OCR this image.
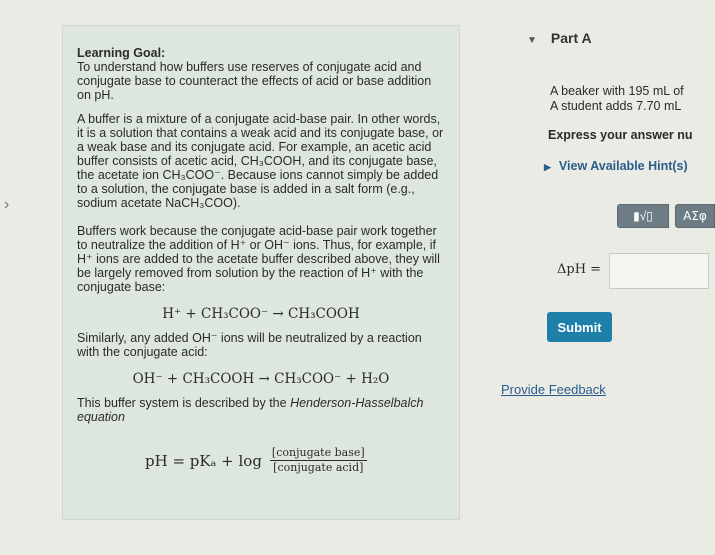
›
Learning Goal:
To understand how buffers use reserves of conjugate acid and conjugate base to counteract the effects of acid or base addition on pH.
A buffer is a mixture of a conjugate acid-base pair. In other words, it is a solution that contains a weak acid and its conjugate base, or a weak base and its conjugate acid. For example, an acetic acid buffer consists of acetic acid, CH₃COOH, and its conjugate base, the acetate ion CH₃COO⁻. Because ions cannot simply be added to a solution, the conjugate base is added in a salt form (e.g., sodium acetate NaCH₃COO).
Buffers work because the conjugate acid-base pair work together to neutralize the addition of H⁺ or OH⁻ ions. Thus, for example, if H⁺ ions are added to the acetate buffer described above, they will be largely removed from solution by the reaction of H⁺ with the conjugate base:
H⁺ + CH₃COO⁻ → CH₃COOH
Similarly, any added OH⁻ ions will be neutralized by a reaction with the conjugate acid:
OH⁻ + CH₃COOH → CH₃COO⁻ + H₂O
This buffer system is described by the Henderson-Hasselbalch equation
pH = $pK_a + \log \frac{\text{[conjugate base]}}{\text{[conjugate acid]}}$
▼ Part A
A beaker with 195 mL of
A student adds 7.70 mL
Express your answer nu
▶ View Available Hint(s)
▮√▯	ΑΣφ
ΔpH =
Submit
Provide Feedback
